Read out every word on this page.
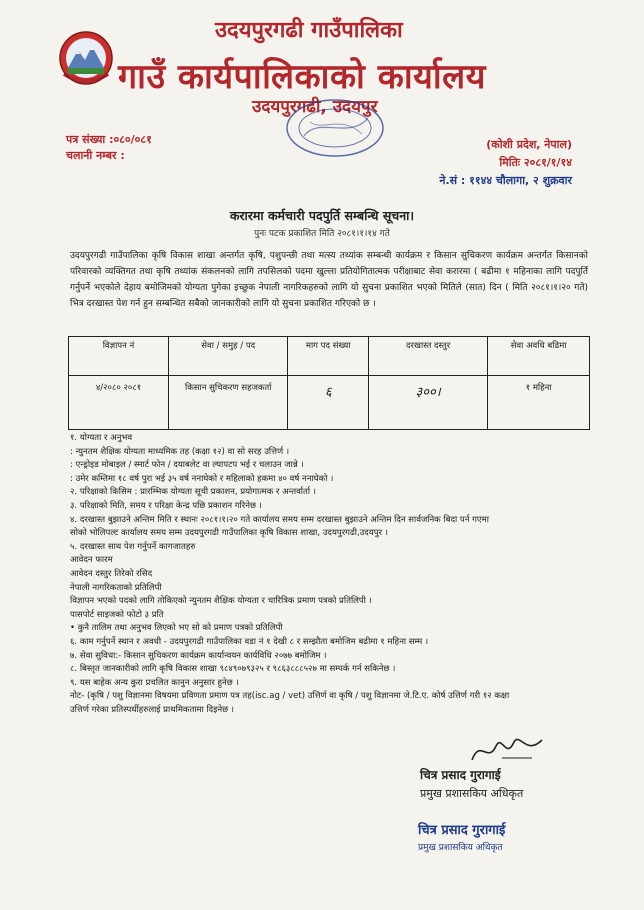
उदयपुरगढी गाउँपालिका
गाउँ कार्यपालिकाको कार्यालय
उदयपुरगढी, उदयपुर
पत्र संख्या :०८०/०८१
चलानी नम्बर :
(कोशी प्रदेश, नेपाल)
मितिः २०८१/१/१४
ने.सं : ११४४ चौलागा, २ शुक्रवार
करारमा कर्मचारी पदपुर्ति सम्बन्धि सूचना।
पुनः पटक प्रकाशित मिति २०८१।१।१४ गते
उदयपुरगढी गाउँपालिका कृषि विकास शाखा अन्तर्गत कृषि, पशुपन्छी तथा मत्स्य तथ्यांक सम्बन्धी कार्यक्रम र किसान सुचिकरण कार्यक्रम अन्तर्गत किसानको परिवारको व्यक्तिगत तथा कृषि तथ्यांक संकलनको लागि तपसिलको पदमा खुल्ला प्रतियोगितात्मक परीक्षाबाट सेवा करारमा ( बढीमा १ महिनाका लागि पदपुर्ति गर्नुपर्ने भएकोले देहाय बमोजिमको योग्यता पुगेका इच्छुक नेपाली नागरिकहरुको लागि यो सुचना प्रकाशित भएको मितिले (सात) दिन ( मिति २०८१।१।२० गते) भित्र दरखास्त पेश गर्न हुन सम्बन्धित सबैको जानकारीको लागि यो सुचना प्रकाशित गरिएको छ ।
विज्ञापन नं	सेवा / समुह / पद	माग पद संख्या	दरखास्त दस्तुर	सेवा अवधि बढिमा
४/२०८० २०८१	किसान सुचिकरण सहजकर्ता	६	३००।	१ महिना
१. योग्यता र अनुभव
: न्युनतम शैक्षिक योग्यता माध्यमिक तह (कक्षा १२) वा सो सरह उत्तिर्ण ।
: एन्ड्रोइड मोबाइल / स्मार्ट फोन / दयाबलेट वा ल्यापटप भई र चलाउन जान्ने ।
: उमेर कम्तिमा १८ वर्ष पुरा भई ३५ वर्ष ननाघेको र महिलाको हकमा ४० वर्ष ननाघेको ।
२. परिक्षाको किसिम : प्रारम्भिक योग्यता सूची प्रकाशन, प्रयोगात्मक र अन्तर्वार्ता ।
३. परिक्षाको मिति, समय र परिक्षा केन्द्र पछि प्रकाशन गरिनेछ ।
४. दरखास्त बुझाउने अन्तिम मिति र स्थानः २०८१।१।२० गते कार्यालय समय सम्म दरखास्त बुझाउने अन्तिम दिन सार्वजनिक बिदा पर्न गएमा
सोको भोलिपल्ट कार्यालय समय सम्म उदयपुरगढी गाउँपालिका कृषि विकास शाखा, उदयपुरगढी,उदयपुर ।
५. दरखास्त साथ पेश गर्नुपर्ने कागजातहरु
आवेदन फारम
आवेदन दस्तुर तिरेको रसिद
नेपाली नागरिकताको प्रतिलिपी
विज्ञापन भएको पदको लागि तोकिएको न्युनतम शैक्षिक योग्यता र चारित्रिक प्रमाण पत्रको प्रतिलिपी ।
पासपोर्ट साइजको फोटो ३ प्रति
• कुनै तालिम तथा अनुभव लिएको भए सो को प्रमाण पत्रको प्रतिलिपी
६. काम गर्नुपर्ने स्थान र अवधी - उदयपुरगढी गाउँपालिका वडा नं १ देखी ८ र सम्झौता बमोजिम बढीमा १ महिना सम्म ।
७. सेवा सुविधा:- किसान सुचिकरण कार्यक्रम कार्यान्वयन कार्यविधि २०७७ बमोजिम ।
८. बिस्तृत जानकारीको लागि कृषि विकास शाखा ९८४९०७९३२५ र ९८६३८८८५२७ मा सम्पर्क गर्न सकिनेछ ।
९. यस बाहेक अन्य कुरा प्रचलित कानुन अनुसार हुनेछ ।
नोट- (कृषि / पशु विज्ञानमा विषयमा प्रविणता प्रमाण पत्र तह(isc.ag / vet) उत्तिर्ण वा कृषि / पशु विज्ञानमा जे.टि.ए. कोर्ष उत्तिर्ण गरी १२ कक्षा
उत्तिर्ण गरेका प्रतिस्पर्धीहरुलाई प्राथमिकतामा दिइनेछ ।
चित्र प्रसाद गुरागाई
प्रमुख प्रशासकिय अधिकृत
चित्र प्रसाद गुरागाई
प्रमुख प्रशासकिय अधिकृत
